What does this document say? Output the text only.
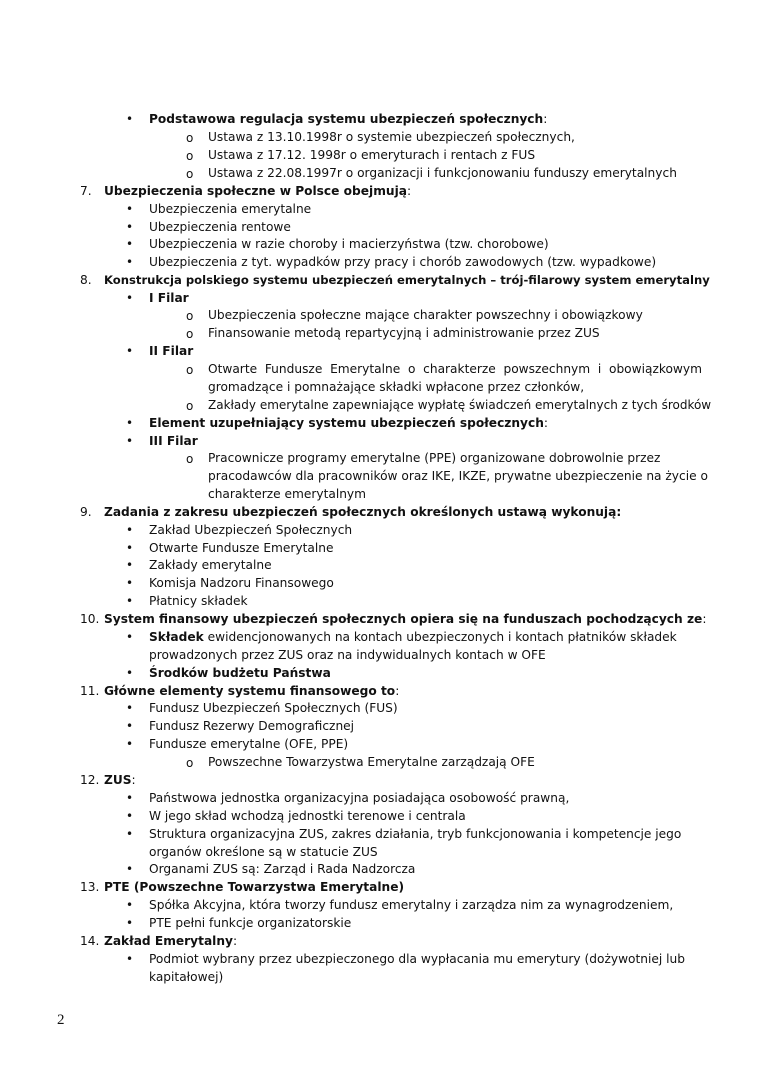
• Podstawowa regulacja systemu ubezpieczeń społecznych:
o Ustawa z 13.10.1998r o systemie ubezpieczeń społecznych,
o Ustawa z 17.12. 1998r o emeryturach i rentach z FUS
o Ustawa z 22.08.1997r o organizacji i funkcjonowaniu funduszy emerytalnych
7. Ubezpieczenia społeczne w Polsce obejmują:
• Ubezpieczenia emerytalne
• Ubezpieczenia rentowe
• Ubezpieczenia w razie choroby i macierzyństwa (tzw. chorobowe)
• Ubezpieczenia z tyt. wypadków przy pracy i chorób zawodowych (tzw. wypadkowe)
8. Konstrukcja polskiego systemu ubezpieczeń emerytalnych – trój-filarowy system emerytalny
• I Filar
o Ubezpieczenia społeczne mające charakter powszechny i obowiązkowy
o Finansowanie metodą repartycyjną i administrowanie przez ZUS
• II Filar
o Otwarte Fundusze Emerytalne o charakterze powszechnym i obowiązkowym
gromadzące i pomnażające składki wpłacone przez członków,
o Zakłady emerytalne zapewniające wypłatę świadczeń emerytalnych z tych środków
• Element uzupełniający systemu ubezpieczeń społecznych:
• III Filar
o Pracownicze programy emerytalne (PPE) organizowane dobrowolnie przez
pracodawców dla pracowników oraz IKE, IKZE, prywatne ubezpieczenie na życie o
charakterze emerytalnym
9. Zadania z zakresu ubezpieczeń społecznych określonych ustawą wykonują:
• Zakład Ubezpieczeń Społecznych
• Otwarte Fundusze Emerytalne
• Zakłady emerytalne
• Komisja Nadzoru Finansowego
• Płatnicy składek
10. System finansowy ubezpieczeń społecznych opiera się na funduszach pochodzących ze:
• Składek ewidencjonowanych na kontach ubezpieczonych i kontach płatników składek
prowadzonych przez ZUS oraz na indywidualnych kontach w OFE
• Środków budżetu Państwa
11. Główne elementy systemu finansowego to:
• Fundusz Ubezpieczeń Społecznych (FUS)
• Fundusz Rezerwy Demograficznej
• Fundusze emerytalne (OFE, PPE)
o Powszechne Towarzystwa Emerytalne zarządzają OFE
12. ZUS:
• Państwowa jednostka organizacyjna posiadająca osobowość prawną,
• W jego skład wchodzą jednostki terenowe i centrala
• Struktura organizacyjna ZUS, zakres działania, tryb funkcjonowania i kompetencje jego
organów określone są w statucie ZUS
• Organami ZUS są: Zarząd i Rada Nadzorcza
13. PTE (Powszechne Towarzystwa Emerytalne)
• Spółka Akcyjna, która tworzy fundusz emerytalny i zarządza nim za wynagrodzeniem,
• PTE pełni funkcje organizatorskie
14. Zakład Emerytalny:
• Podmiot wybrany przez ubezpieczonego dla wypłacania mu emerytury (dożywotniej lub
kapitałowej)
2
